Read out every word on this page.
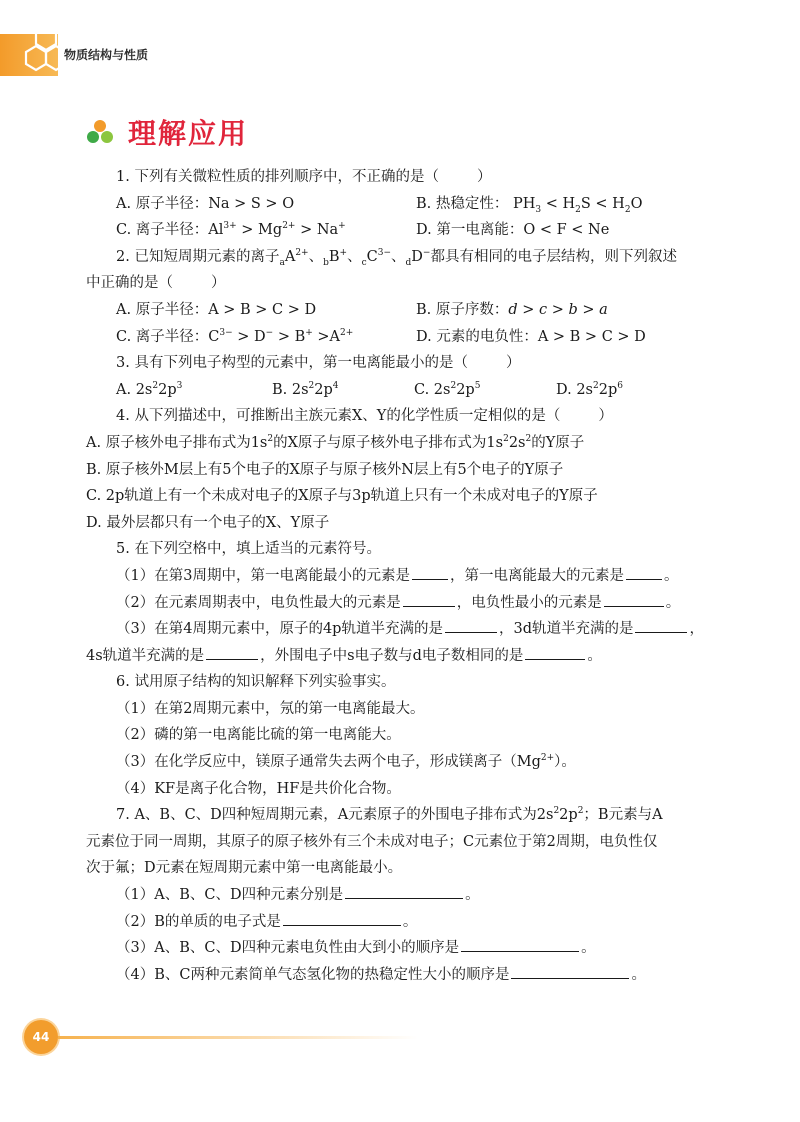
物质结构与性质
理解应用
1. 下列有关微粒性质的排列顺序中，不正确的是（	）
A. 原子半径：Na > S > O	B. 热稳定性： $PH_3 < H_2S < H_2O$
C. 离子半径：$Al^{3+} > Mg^{2+} > Na^+$	D. 第一电离能：O < F < Ne
2. 已知短周期元素的离子$_aA^{2+}$、$_b$B+、$_cC^{3-}$、$_d$D−都具有相同的电子层结构，则下列叙述
中正确的是（	）
A. 原子半径：A > B > C > D	B. 原子序数：d > c > b > a
C. 离子半径：$C^{3-} > D^- > B^+ >A^{2+}$	D. 元素的电负性：A > B > C > D
3. 具有下列电子构型的元素中，第一电离能最小的是（	）
A. $2s^22p^3$	B. $2s^22p^4$	C. $2s^22p^5$	D. $2s^22p^6$
4. 从下列描述中，可推断出主族元素X、Y的化学性质一定相似的是（	）
A. 原子核外电子排布式为$1s^2$的X原子与原子核外电子排布式为$1s^22s^2$的Y原子
B. 原子核外M层上有5个电子的X原子与原子核外N层上有5个电子的Y原子
C. 2p轨道上有一个未成对电子的X原子与3p轨道上只有一个未成对电子的Y原子
D. 最外层都只有一个电子的X、Y原子
5. 在下列空格中，填上适当的元素符号。
（1）在第3周期中，第一电离能最小的元素是	，第一电离能最大的元素是	。
（2）在元素周期表中，电负性最大的元素是	，电负性最小的元素是	。
（3）在第4周期元素中，原子的4p轨道半充满的是	，3d轨道半充满的是	，
4s轨道半充满的是	，外围电子中s电子数与d电子数相同的是	。
6. 试用原子结构的知识解释下列实验事实。
（1）在第2周期元素中，氖的第一电离能最大。
（2）磷的第一电离能比硫的第一电离能大。
（3）在化学反应中，镁原子通常失去两个电子，形成镁离子$(Mg^{2+})$。
（4）KF是离子化合物，HF是共价化合物。
7. A、B、C、D四种短周期元素，A元素原子的外围电子排布式为$2s^22p^2$；B元素与A
元素位于同一周期，其原子的原子核外有三个未成对电子；C元素位于第2周期，电负性仅
次于氟；D元素在短周期元素中第一电离能最小。
（1）A、B、C、D四种元素分别是	。
（2）B的单质的电子式是	。
（3）A、B、C、D四种元素电负性由大到小的顺序是	。
（4）B、C两种元素简单气态氢化物的热稳定性大小的顺序是	。
44
